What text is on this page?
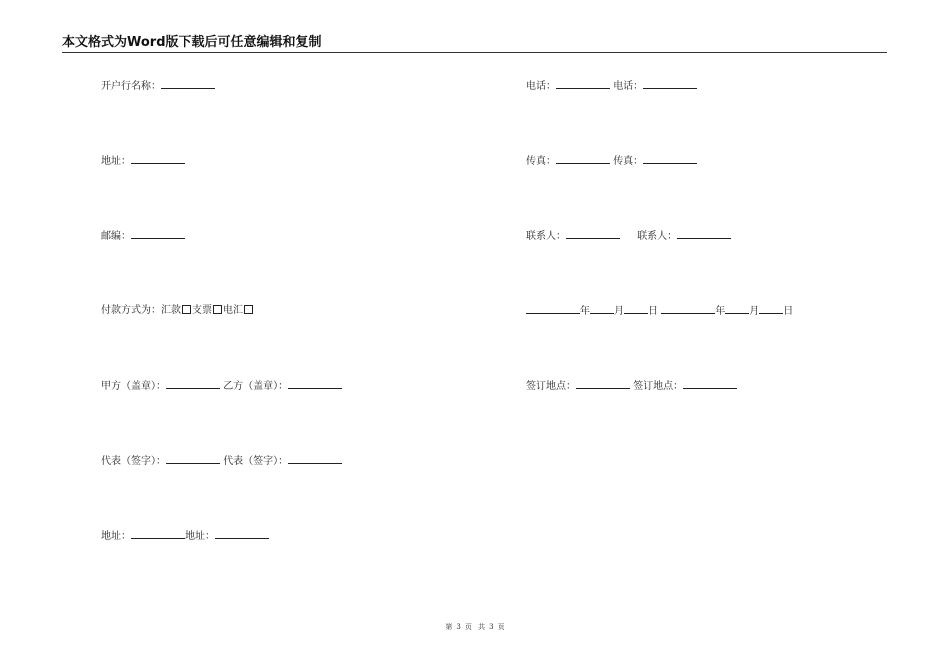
本文格式为Word版下载后可任意编辑和复制
开户行名称：
地址：
邮编：
付款方式为：汇款 支票 电汇
甲方（盖章）：	乙方（盖章）：
代表（签字）：	代表（签字）：
地址：	地址：
电话：	电话：
传真：	传真：
联系人：	联系人：
年 月 日	年 月 日
签订地点：	签订地点：
第 3 页 共 3 页
